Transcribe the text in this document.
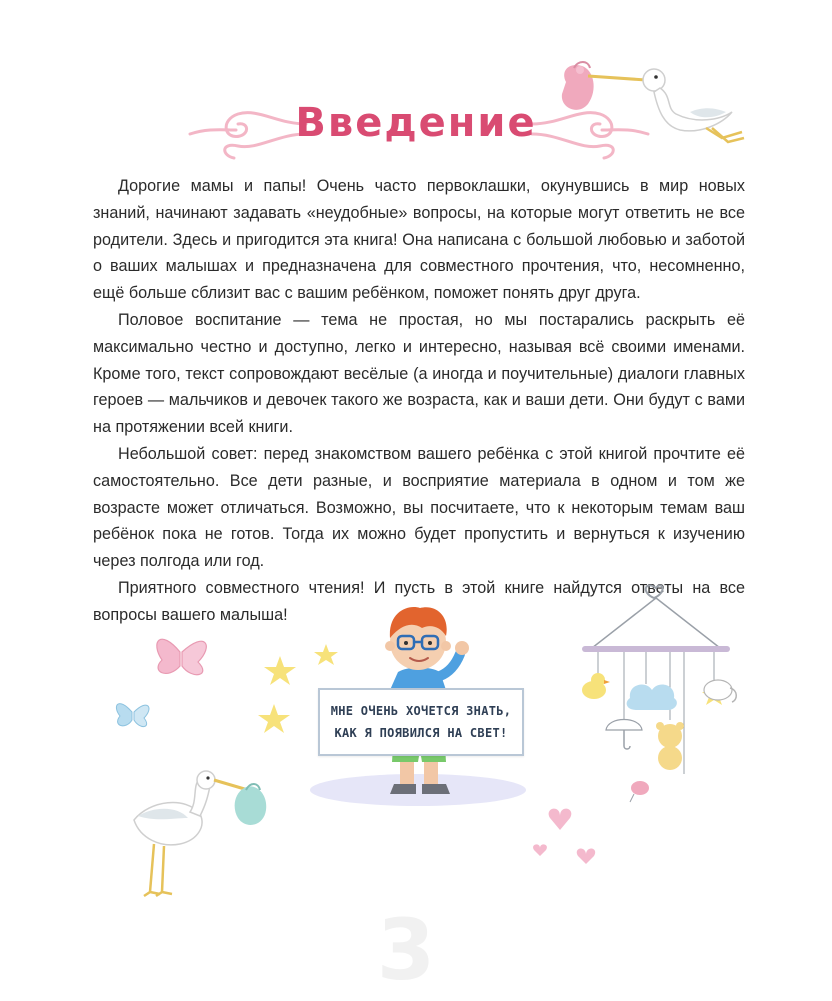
Введение

Дорогие мамы и папы! Очень часто первоклашки, окунувшись в мир новых знаний, начинают задавать «неудобные» вопросы, на которые могут ответить не все родители. Здесь и пригодится эта книга! Она написана с большой любовью и заботой о ваших малышах и предназначена для совместного прочтения, что, несомненно, ещё больше сблизит вас с вашим ребёнком, поможет понять друг друга.

Половое воспитание — тема не простая, но мы постарались раскрыть её максимально честно и доступно, легко и интересно, называя всё своими именами. Кроме того, текст сопровождают весёлые (а иногда и поучительные) диалоги главных героев — мальчиков и девочек такого же возраста, как и ваши дети. Они будут с вами на протяжении всей книги.

Небольшой совет: перед знакомством вашего ребёнка с этой книгой прочтите её самостоятельно. Все дети разные, и восприятие материала в одном и том же возрасте может отличаться. Возможно, вы посчитаете, что к некоторым темам ваш ребёнок пока не готов. Тогда их можно будет пропустить и вернуться к изучению через полгода или год.

Приятного совместного чтения! И пусть в этой книге найдутся ответы на все вопросы вашего малыша!

МНЕ ОЧЕНЬ ХОЧЕТСЯ ЗНАТЬ,
КАК Я ПОЯВИЛСЯ НА СВЕТ!
3
